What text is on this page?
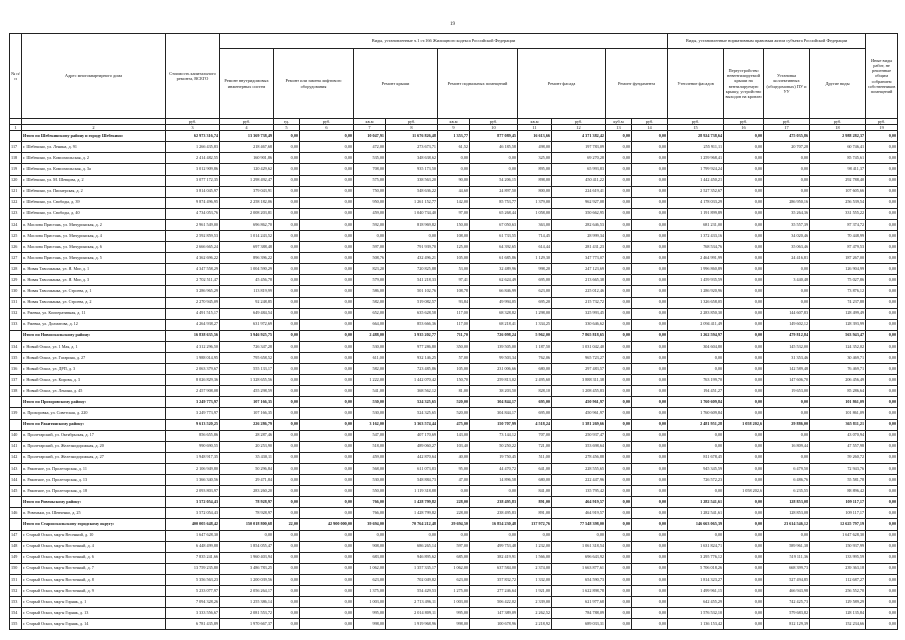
19
№ п/п	Адрес многоквартирного дома	Стоимость капитального ремонта, ВСЕГО	Виды, установленные ч.1 ст.166 Жилищного кодекса Российской Федерации											Виды, установленные нормативным правовым актом субъекта Российской Федерации				Иные виды работ, не решенные общим собранием собственников помещений
			Ремонт внутридомовых инженерных систем	Ремонт или замена лифтового оборудования		Ремонт крыши		Ремонт подвальных помещений		Ремонт фасада		Ремонт фундамента		Утепление фасадов	Переустройство невентилируемой крыши на вентилируемую крышу, устройство выходов на кровлю	Установка коллективных (общедомовых) ПУ и УУ	Другие виды	
		руб.	руб.	ед.	руб.	кв.м	руб.	кв.м	руб.	кв.м	руб.	куб.м	руб.	руб.	руб.	руб.	руб.	руб.
1	2	3	4	5	6	7	8	9	10	11	12	13	14	15	16	17	18	19
	Итого по Шебекинскому району и городу Шебекино:	62 973 316,74	13 369 738,49	0,00	0,00	10 047,91	11 676 826,48	1 353,77	877 089,45	16 613,66	4 371 382,42	0,00	0,00	28 924 738,64	0,00	475 035,86	2 988 282,37	0,00
117	г. Шебекино, ул. Ленина, д. 91	1 266 435,83	218 467,68	0,00	0,00	472,00	273 673,71	61,52	46 185,58	498,00	197 783,09	0,00	0,00	255 911,11	0,00	20 707,28	60 746,41	0,00
118	г. Шебекино, ул. Комсомольская, д. 2	2 414 482,55	160 901,86	0,00	0,00	535,00	348 638,62	0,00	0,00	325,00	69 270,28	0,00	0,00	1 259 968,41	0,00	0,00	85 745,61	0,00
119	г. Шебекино, ул. Комсомольская, д. 3а	3 012 909,86	120 429,62	0,00	0,00	708,00	935 173,50	0,00	0,00	895,00	65 993,83	0,00	0,00	1 799 924,24	0,00	0,00	98 411,37	0,00
120	г. Шебекино, ул. М. Шевцова, д. 2	3 077 172,35	1 298 492,47	0,00	0,00	575,00	338 563,20	90,00	54 206,15	898,00	450 411,22	0,00	0,00	1 442 450,21	0,00	0,00	292 788,40	0,00
121	г. Шебекино, ул. Пионерская, д. 2	3 814 045,97	379 043,91	0,00	0,00	750,00	548 636,22	44,60	24 897,50	800,00	224 619,41	0,00	0,00	2 527 352,67	0,00	0,00	107 605,66	0,00
122	г. Шебекино, ул. Свободы, д. 39	9 874 496,95	2 258 182,06	0,00	0,00	950,00	1 261 152,77	142,00	85 753,77	1 379,00	962 927,08	0,00	0,00	4 178 033,29	0,00	286 950,16	256 539,54	0,00
123	г. Шебекино, ул. Свободы, д. 40	4 734 053,76	2 008 203,81	0,00	0,00	459,00	1 040 734,40	97,00	65 268,44	1 058,00	350 662,95	0,00	0,00	1 191 899,89	0,00	35 264,36	331 555,22	0,00
124	п. Маслова Пристань, ул. Мичуринская, д. 2	2 961 549,00	696 862,70	0,00	0,00	592,00	818 969,82	150,00	67 050,63	363,00	282 646,53	0,00	0,00	681 231,00	0,00	35 557,39	87 374,72	0,00
125	п. Маслова Пристань, ул. Мичуринская, д. 4	2 592 859,53	1 014 243,52	0,00	0,00	0,00	0,00	108,00	61 733,55	714,45	28 999,34	0,00	0,00	1 372 433,16	0,00	34 020,46	70 448,99	0,00
126	п. Маслова Пристань, ул. Мичуринская, д. 6	2 666 665,24	697 388,48	0,00	0,00	597,00	791 939,70	125,00	64 392,65	614,44	281 431,23	0,00	0,00	768 534,76	0,00	35 063,46	87 479,53	0,00
127	п. Маслова Пристань, ул. Мичуринская, д. 5	4 362 696,22	896 396,22	0,00	0,00	508,76	432 496,21	105,00	61 685,86	1 129,30	347 773,07	0,00	0,00	2 464 991,99	0,00	24 416,81	187 267,00	0,00
128	п. Новая Таволжанка, ул. Я. Миг, д. 1	4 347 558,29	1 004 590,29	0,00	0,00	823,20	720 825,88	53,00	32 489,96	998,20	247 123,69	0,00	0,00	1 996 860,89	0,00	0,00	126 904,99	0,00
129	п. Новая Таволжанка, ул. Я. Миг, д. 3	2 702 511,47	45 456,78	0,00	0,00	579,00	541 218,33	97,41	62 624,49	695,00	213 665,38	0,00	0,00	1 459 935,59	0,00	3 440,48	75 027,86	0,00
130	п. Новая Таволжанка, ул. Строева, д. 1	3 286 965,29	113 819,99	0,00	0,00	586,00	501 102,76	108,78	66 846,99	623,00	225 012,46	0,00	0,00	1 286 920,96	0,00	0,00	73 876,12	0,00
131	п. Новая Таволжанка, ул. Строева, д. 2	2 270 945,09	92 248,85	0,00	0,00	582,00	519 082,57	93,84	49 994,05	695,20	215 732,72	0,00	0,00	1 326 658,05	0,00	0,00	74 237,88	0,00
132	п. Ржевка, ул. Кооперативная, д. 11	4 491 515,17	649 484,54	0,00	0,00	652,00	635 628,58	117,00	68 328,82	1 298,00	325 993,45	0,00	0,00	2 283 850,30	0,00	144 607,83	128 499,49	0,00
133	п. Ржевка, ул. Долматова, д. 12	4 264 938,27	631 972,69	0,00	0,00	664,00	853 666,36	117,00	68 218,41	1 334,25	330 646,62	0,00	0,00	2 094 411,49	0,00	149 602,12	128 393,99	0,00
	Итого по Новооскольскому району:	16 838 635,56	3 946 925,75	0,00	0,00	2 488,00	3 935 202,77	711,70	726 098,24	5 962,00	7 865 818,65	0,00	0,00	1 262 594,97	0,00	479 812,84	563 943,47	0,00
134	г. Новый Оскол, ул. 1 Мая, д. 1	4 312 296,50	726 347,28	0,00	0,00	530,00	977 286,80	350,00	139 505,00	1 187,50	1 031 042,40	0,00	0,00	304 604,80	0,00	145 532,00	124 352,02	0,00
135	г. Новый Оскол, ул. Гагарина, д. 27	1 988 014,95	795 658,52	0,00	0,00	611,00	932 146,25	57,00	99 503,34	762,06	965 723,27	0,00	0,00	0,00	0,00	31 353,46	30 469,71	0,00
136	г. Новый Оскол, ул. ДРП, д. 3	2 063 379,67	555 133,17	0,00	0,00	582,00	723 485,86	105,00	231 006,66	680,00	297 483,57	0,00	0,00	0,00	0,00	142 589,48	76 469,71	0,00
137	г. Новый Оскол, ул. Кирова, д. 3	8 026 829,36	1 328 655,56	0,00	0,00	1 222,00	1 442 070,42	150,70	259 813,02	2 495,60	3 888 311,38	0,00	0,00	763 199,70	0,00	147 606,70	206 456,49	0,00
138	г. Новый Оскол, ул. Ленина, д. 45	2 457 908,08	455 298,59	0,00	0,00	541,00	368 562,12	81,00	38 203,50	828,10	1 208 455,83	0,00	0,00	194 451,27	0,00	19 653,00	85 286,64	0,00
	Итого по Прохоровскому району:	3 249 773,97	107 166,35	0,00	0,00	530,00	524 325,65	520,00	304 844,17	695,00	450 961,97	0,00	0,00	1 760 609,84	0,00	0,00	101 861,09	0,00
139	п. Прохоровка, ул. Советская, д. 220	3 249 773,97	107 166,35	0,00	0,00	530,00	524 325,65	520,00	304 844,17	695,00	450 961,97	0,00	0,00	1 760 609,84	0,00	0,00	101 861,09	0,00
	Итого по Ракитянскому району:	9 613 520,25	226 286,79	0,00	0,00	3 162,00	3 363 574,44	475,00	150 707,99	4 518,24	1 381 269,66	0,00	0,00	2 481 951,28	1 058 202,6	29 886,00	365 811,21	0,00
140	п. Пролетарский, ул. Октябрьская, д. 17	856 655,86	28 287,46	0,00	0,00	547,00	407 170,69	143,00	73 144,12	707,00	250 937,47	0,00	0,00	0,00	0,00	0,00	43 070,94	0,00
141	п. Пролетарский, ул. Железнодорожная, д. 20	990 690,55	20 253,90	0,00	0,00	518,00	489 060,27	103,40	50 250,22	721,00	353 698,64	0,00	0,00	0,00	0,00	16 809,44	47 557,98	0,00
142	п. Пролетарский, ул. Железнодорожная, д. 27	1 948 917,35	35 430,11	0,00	0,00	459,00	442 870,64	40,00	19 750,45	511,00	278 456,88	0,00	0,00	811 678,45	0,00	0,00	59 260,72	0,00
143	п. Ракитное, ул. Пролетарская, д. 11	2 106 949,80	50 296,84	0,00	0,00	568,00	611 073,83	95,00	44 470,72	641,00	228 555,65	0,00	0,00	945 345,59	0,00	6 479,50	72 943,76	0,00
144	п. Ракитное, ул. Пролетарская, д. 13	1 366 340,56	29 471,84	0,00	0,00	530,00	548 884,73	47,00	14 896,58	680,00	222 447,96	0,00	0,00	726 572,23	0,00	6 486,76	55 581,78	0,00
145	п. Ракитное, ул. Пролетарская, д. 18	2 093 803,97	283 260,20	0,00	0,00	550,00	1 119 318,88	0,00	0,00	841,00	135 795,42	0,00	0,00	0,00	1 058 202,6	6 235,55	88 896,42	0,00
	Итого по Ровеньскому району:	3 572 054,43	78 928,97	0,00	0,00	766,00	1 428 799,82	228,00	238 495,83	891,00	464 919,57	0,00	0,00	1 282 541,61	0,00	128 853,08	109 117,17	0,00
146	п. Ровеньки, ул. Шевченко, д. 25	3 572 054,43	78 928,97	0,00	0,00	766,00	1 428 799,82	228,00	238 495,83	891,00	464 919,57	0,00	0,00	1 282 541,61	0,00	128 853,08	109 117,17	0,00
	Итого по Старооскольскому городскому округу:	400 005 648,42	150 018 800,68	22,00	42 900 000,00	39 694,00	70 764 212,48	29 694,50	16 854 230,48	137 972,76	77 548 398,00	0,00	0,00	146 663 065,39	0,00	23 614 546,12	12 625 797,19	0,00
147	г. Старый Оскол, мкр-н Весенний, д. 10	1 647 628,30	0,00	0,00	0,00	0,00	0,00	0,00	0,00	0,00	0,00	0,00	0,00	0,00	0,00	0,00	1 647 628,30	0,00
148	г. Старый Оскол, мкр-н Восточный, д. 4	6 448 499,88	1 854 055,47	0,00	0,00	908,00	686 265,14	597,00	499 753,48	1 232,00	1 061 318,54	0,00	0,00	1 631 824,71	0,00	589 961,38	150 937,99	0,00
149	г. Старый Оскол, мкр-н Восточный, д. 6	7 835 241,66	1 960 403,94	0,00	0,00	683,00	946 895,62	685,00	382 419,91	1 566,00	696 643,92	0,00	0,00	3 295 776,12	0,00	519 111,36	133 995,59	0,00
150	г. Старый Оскол, мкр-н Восточный, д. 7	13 759 235,80	3 486 783,25	0,00	0,00	1 062,00	1 357 335,17	1 062,00	637 584,00	2 374,00	1 663 877,61	0,00	0,00	5 706 018,26	0,00	668 399,73	239 363,18	0,00
151	г. Старый Оскол, мкр-н Восточный, д. 8	5 356 563,23	1 200 039,56	0,00	0,00	623,00	702 049,82	623,00	357 832,72	1 332,00	654 590,73	0,00	0,00	1 814 323,27	0,00	527 494,85	112 687,27	0,00
152	г. Старый Оскол, мкр-н Восточный, д. 9	5 233 077,97	2 056 264,17	0,00	0,00	1 375,00	554 429,53	1 275,00	277 246,64	1 921,00	1 622 898,78	0,00	0,00	1 499 961,15	0,00	466 943,98	256 552,70	0,00
153	г. Старый Оскол, мкр-н Горняк, д. 1	7 094 328,26	1 255 386,14	0,00	0,00	1 003,00	2 713 496,11	1 003,00	506 422,02	2 339,00	621 977,68	0,00	0,00	642 455,29	0,00	742 425,73	129 589,29	0,00
154	г. Старый Оскол, мкр-н Горняк, д. 13	3 333 556,67	2 081 553,72	0,00	0,00	995,00	2 014 809,11	995,00	147 389,09	2 262,52	784 788,09	0,00	0,00	1 576 532,10	0,00	579 683,82	128 135,84	0,00
155	г. Старый Оскол, мкр-н Горняк, д. 14	6 781 435,89	1 970 667,37	0,00	0,00	998,00	1 919 968,96	998,00	100 678,96	2 218,92	689 033,31	0,00	0,00	1 136 153,42	0,00	812 129,39	152 234,66	0,00
